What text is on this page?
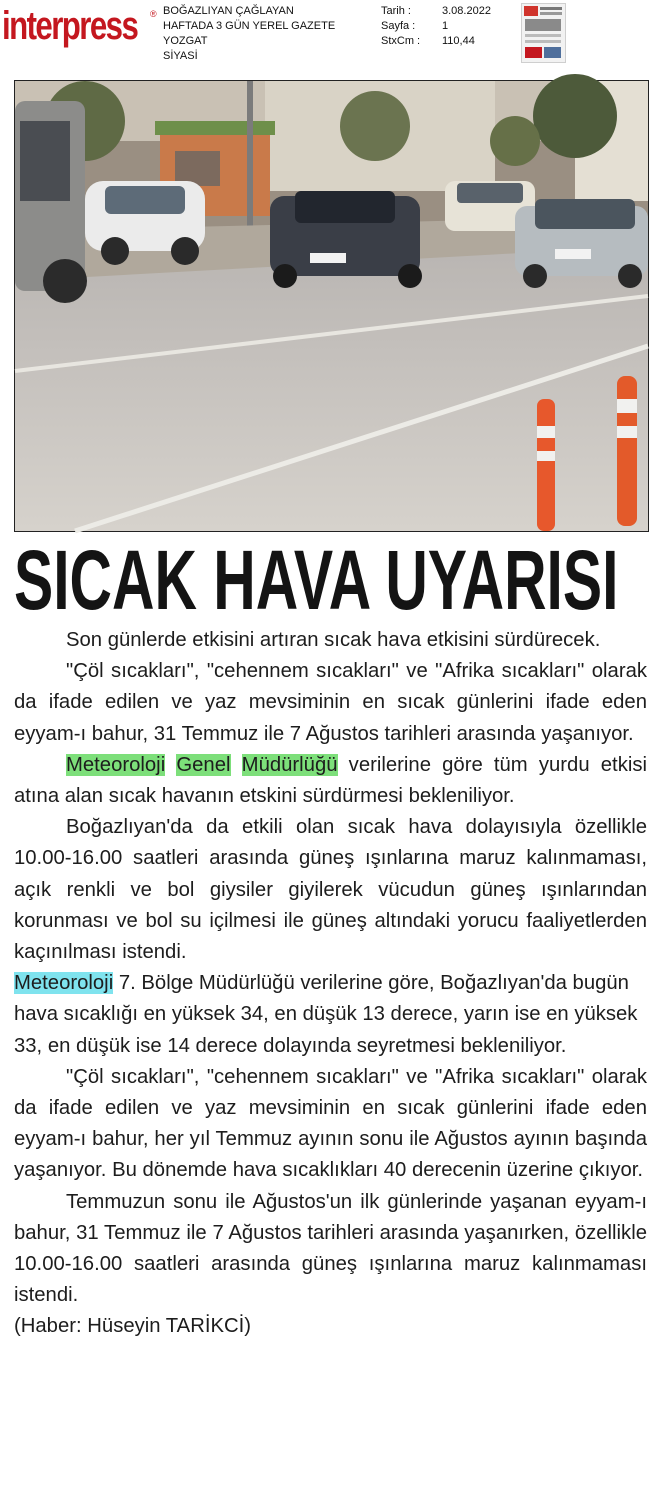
interpress ® BOĞAZLIYAN ÇAĞLAYAN
HAFTADA 3 GÜN YEREL GAZETE
YOZGAT
SİYASİ
Tarih :
Sayfa :
StxCm :
3.08.2022
1
110,44
SICAK HAVA UYARISI

Son günlerde etkisini artıran sıcak hava etkisini sürdürecek.

"Çöl sıcakları", "cehennem sıcakları" ve "Afrika sıcakları" olarak da ifade edilen ve yaz mevsiminin en sıcak günlerini ifade eden eyyam-ı bahur, 31 Temmuz ile 7 Ağustos tarihleri arasında yaşanıyor.

Meteoroloji Genel Müdürlüğü verilerine göre tüm yurdu etkisi atına alan sıcak havanın etskini sürdürmesi bekleniliyor.

Boğazlıyan'da da etkili olan sıcak hava dolayısıyla özellikle 10.00-16.00 saatleri arasında güneş ışınlarına maruz kalınmaması, açık renkli ve bol giysiler giyilerek vücudun güneş ışınlarından korunması ve bol su içilmesi ile güneş altındaki yorucu faaliyetlerden kaçınılması istendi.

Meteoroloji 7. Bölge Müdürlüğü verilerine göre, Boğazlıyan'da bugün hava sıcaklığı en yüksek 34, en düşük 13 derece, yarın ise en yüksek 33, en düşük ise 14 derece dolayında seyretmesi bekleniliyor.

"Çöl sıcakları", "cehennem sıcakları" ve "Afrika sıcakları" olarak da ifade edilen ve yaz mevsiminin en sıcak günlerini ifade eden eyyam-ı bahur, her yıl Temmuz ayının sonu ile Ağustos ayının başında yaşanıyor. Bu dönemde hava sıcaklıkları 40 derecenin üzerine çıkıyor.

Temmuzun sonu ile Ağustos'un ilk günlerinde yaşanan eyyam-ı bahur, 31 Temmuz ile 7 Ağustos tarihleri arasında yaşanırken, özellikle 10.00-16.00 saatleri arasında güneş ışınlarına maruz kalınmaması istendi.

(Haber: Hüseyin TARİKCİ)
